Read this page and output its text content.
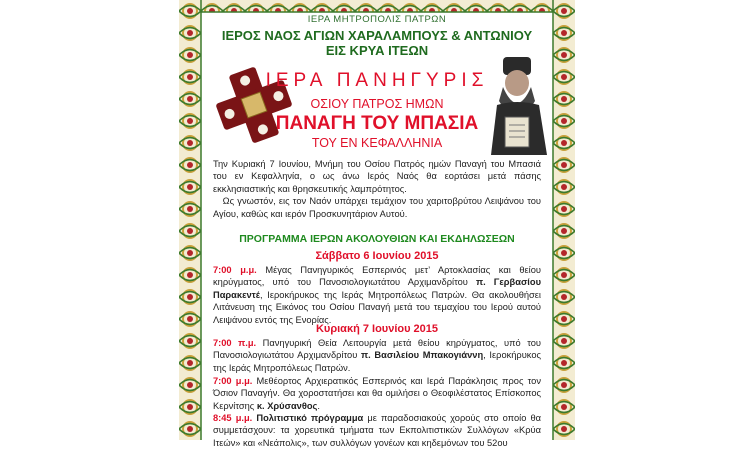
ΙΕΡΑ ΜΗΤΡΟΠΟΛΙΣ ΠΑΤΡΩΝ
ΙΕΡΟΣ ΝΑΟΣ ΑΓΙΩΝ ΧΑΡΑΛΑΜΠΟΥΣ & ΑΝΤΩΝΙΟΥ
ΕΙΣ ΚΡΥΑ ΙΤΕΩΝ
ΙΕΡΑ ΠΑΝΗΓΥΡΙΣ
ΟΣΙΟΥ ΠΑΤΡΟΣ ΗΜΩΝ
ΠΑΝΑΓΗ ΤΟΥ ΜΠΑΣΙΑ
ΤΟΥ ΕΝ ΚΕΦΑΛΛΗΝΙΑ
Την Κυριακή 7 Ιουνίου, Μνήμη του Οσίου Πατρός ημών Παναγή του Μπασιά του εν Κεφαλληνία, ο ως άνω Ιερός Ναός θα εορτάσει μετά πάσης εκκλησιαστικής και θρησκευτικής λαμπρότητος.
Ως γνωστόν, εις τον Ναόν υπάρχει τεμάχιον του χαριτοβρύτου Λειψάνου του Αγίου, καθώς και ιερόν Προσκυνητάριον Αυτού.
ΠΡΟΓΡΑΜΜΑ ΙΕΡΩΝ ΑΚΟΛΟΥΘΙΩΝ ΚΑΙ ΕΚΔΗΛΩΣΕΩΝ
Σάββατο 6 Ιουνίου 2015
7:00 μ.μ. Μέγας Πανηγυρικός Εσπερινός μετ’ Αρτοκλασίας και θείου κηρύγματος, υπό του Πανοσιολογιωτάτου Αρχιμανδρίτου π. Γερβασίου Παρακεντέ, Ιεροκήρυκος της Ιεράς Μητροπόλεως Πατρών. Θα ακολουθήσει Λιτάνευση της Εικόνος του Οσίου Παναγή μετά του τεμαχίου του Ιερού αυτού Λειψάνου εντός της Ενορίας.
Κυριακή 7 Ιουνίου 2015
7:00 π.μ. Πανηγυρική Θεία Λειτουργία μετά θείου κηρύγματος, υπό του Πανοσιολογιωτάτου Αρχιμανδρίτου π. Βασιλείου Μπακογιάννη, Ιεροκήρυκος της Ιεράς Μητροπόλεως Πατρών.
7:00 μ.μ. Μεθέορτος Αρχιερατικός Εσπερινός και Ιερά Παράκλησις προς τον Όσιον Παναγήν. Θα χοροστατήσει και θα ομιλήσει ο Θεοφιλέστατος Επίσκοπος Κερνίτσης κ. Χρύσανθος.
8:45 μ.μ. Πολιτιστικό πρόγραμμα με παραδοσιακούς χορούς στο οποίο θα συμμετάσχουν: τα χορευτικά τμήματα των Εκπολιτιστικών Συλλόγων «Κρύα Ιτεών» και «Νεάπολις», των συλλόγων γονέων και κηδεμόνων του 52ου
